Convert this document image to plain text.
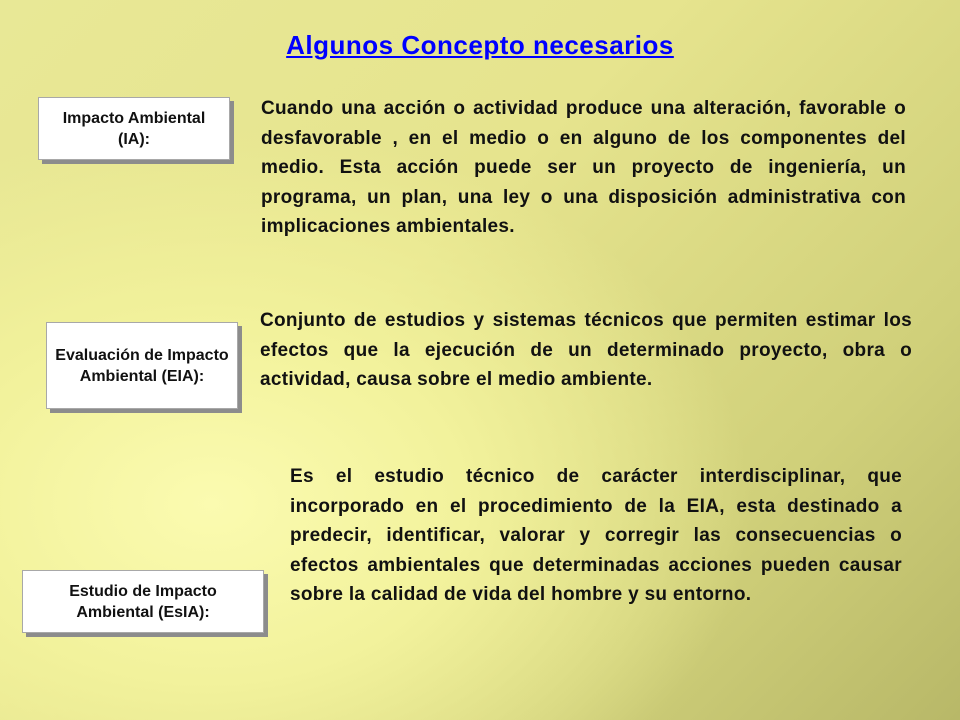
Algunos Concepto necesarios
Impacto Ambiental (IA):

Cuando una acción o actividad produce una alteración, favorable o desfavorable , en el medio o en alguno de los componentes del medio. Esta acción puede ser un proyecto de ingeniería, un programa, un plan, una ley o una disposición administrativa con implicaciones ambientales.

Evaluación de Impacto Ambiental (EIA):

Conjunto de estudios y sistemas técnicos que permiten estimar los efectos que la ejecución de un determinado proyecto, obra o actividad, causa sobre el medio ambiente.

Estudio de Impacto Ambiental (EsIA):

Es el estudio técnico de carácter interdisciplinar, que incorporado en el procedimiento de la EIA, esta destinado a predecir, identificar, valorar y corregir las consecuencias o efectos ambientales que determinadas acciones pueden causar sobre la calidad de vida del hombre y su entorno.
